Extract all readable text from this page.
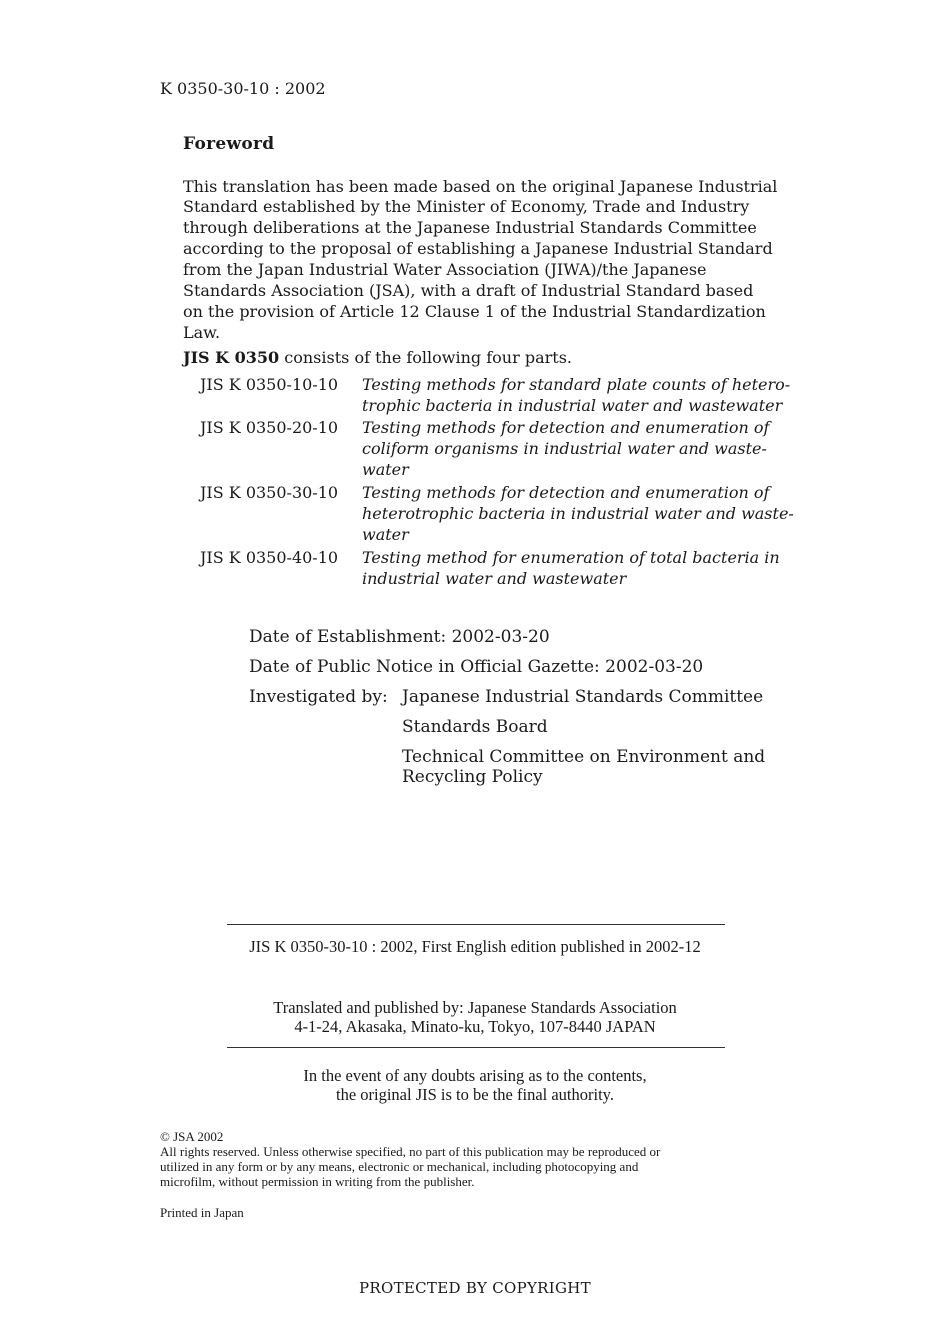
K 0350-30-10 : 2002
Foreword
This translation has been made based on the original Japanese Industrial
Standard established by the Minister of Economy, Trade and Industry
through deliberations at the Japanese Industrial Standards Committee
according to the proposal of establishing a Japanese Industrial Standard
from the Japan Industrial Water Association (JIWA)/the Japanese
Standards Association (JSA), with a draft of Industrial Standard based
on the provision of Article 12 Clause 1 of the Industrial Standardization
Law.
JIS K 0350 consists of the following four parts.
JIS K 0350-10-10 Testing methods for standard plate counts of hetero-
trophic bacteria in industrial water and wastewater
JIS K 0350-20-10 Testing methods for detection and enumeration of
coliform organisms in industrial water and waste-
water
JIS K 0350-30-10 Testing methods for detection and enumeration of
heterotrophic bacteria in industrial water and waste-
water
JIS K 0350-40-10 Testing method for enumeration of total bacteria in
industrial water and wastewater
Date of Establishment: 2002-03-20
Date of Public Notice in Official Gazette: 2002-03-20
Investigated by: Japanese Industrial Standards Committee
Standards Board
Technical Committee on Environment and
Recycling Policy
JIS K 0350-30-10 : 2002, First English edition published in 2002-12
Translated and published by: Japanese Standards Association
4-1-24, Akasaka, Minato-ku, Tokyo, 107-8440 JAPAN
In the event of any doubts arising as to the contents,
the original JIS is to be the final authority.
© JSA 2002
All rights reserved. Unless otherwise specified, no part of this publication may be reproduced or
utilized in any form or by any means, electronic or mechanical, including photocopying and
microfilm, without permission in writing from the publisher.
Printed in Japan
PROTECTED BY COPYRIGHT
